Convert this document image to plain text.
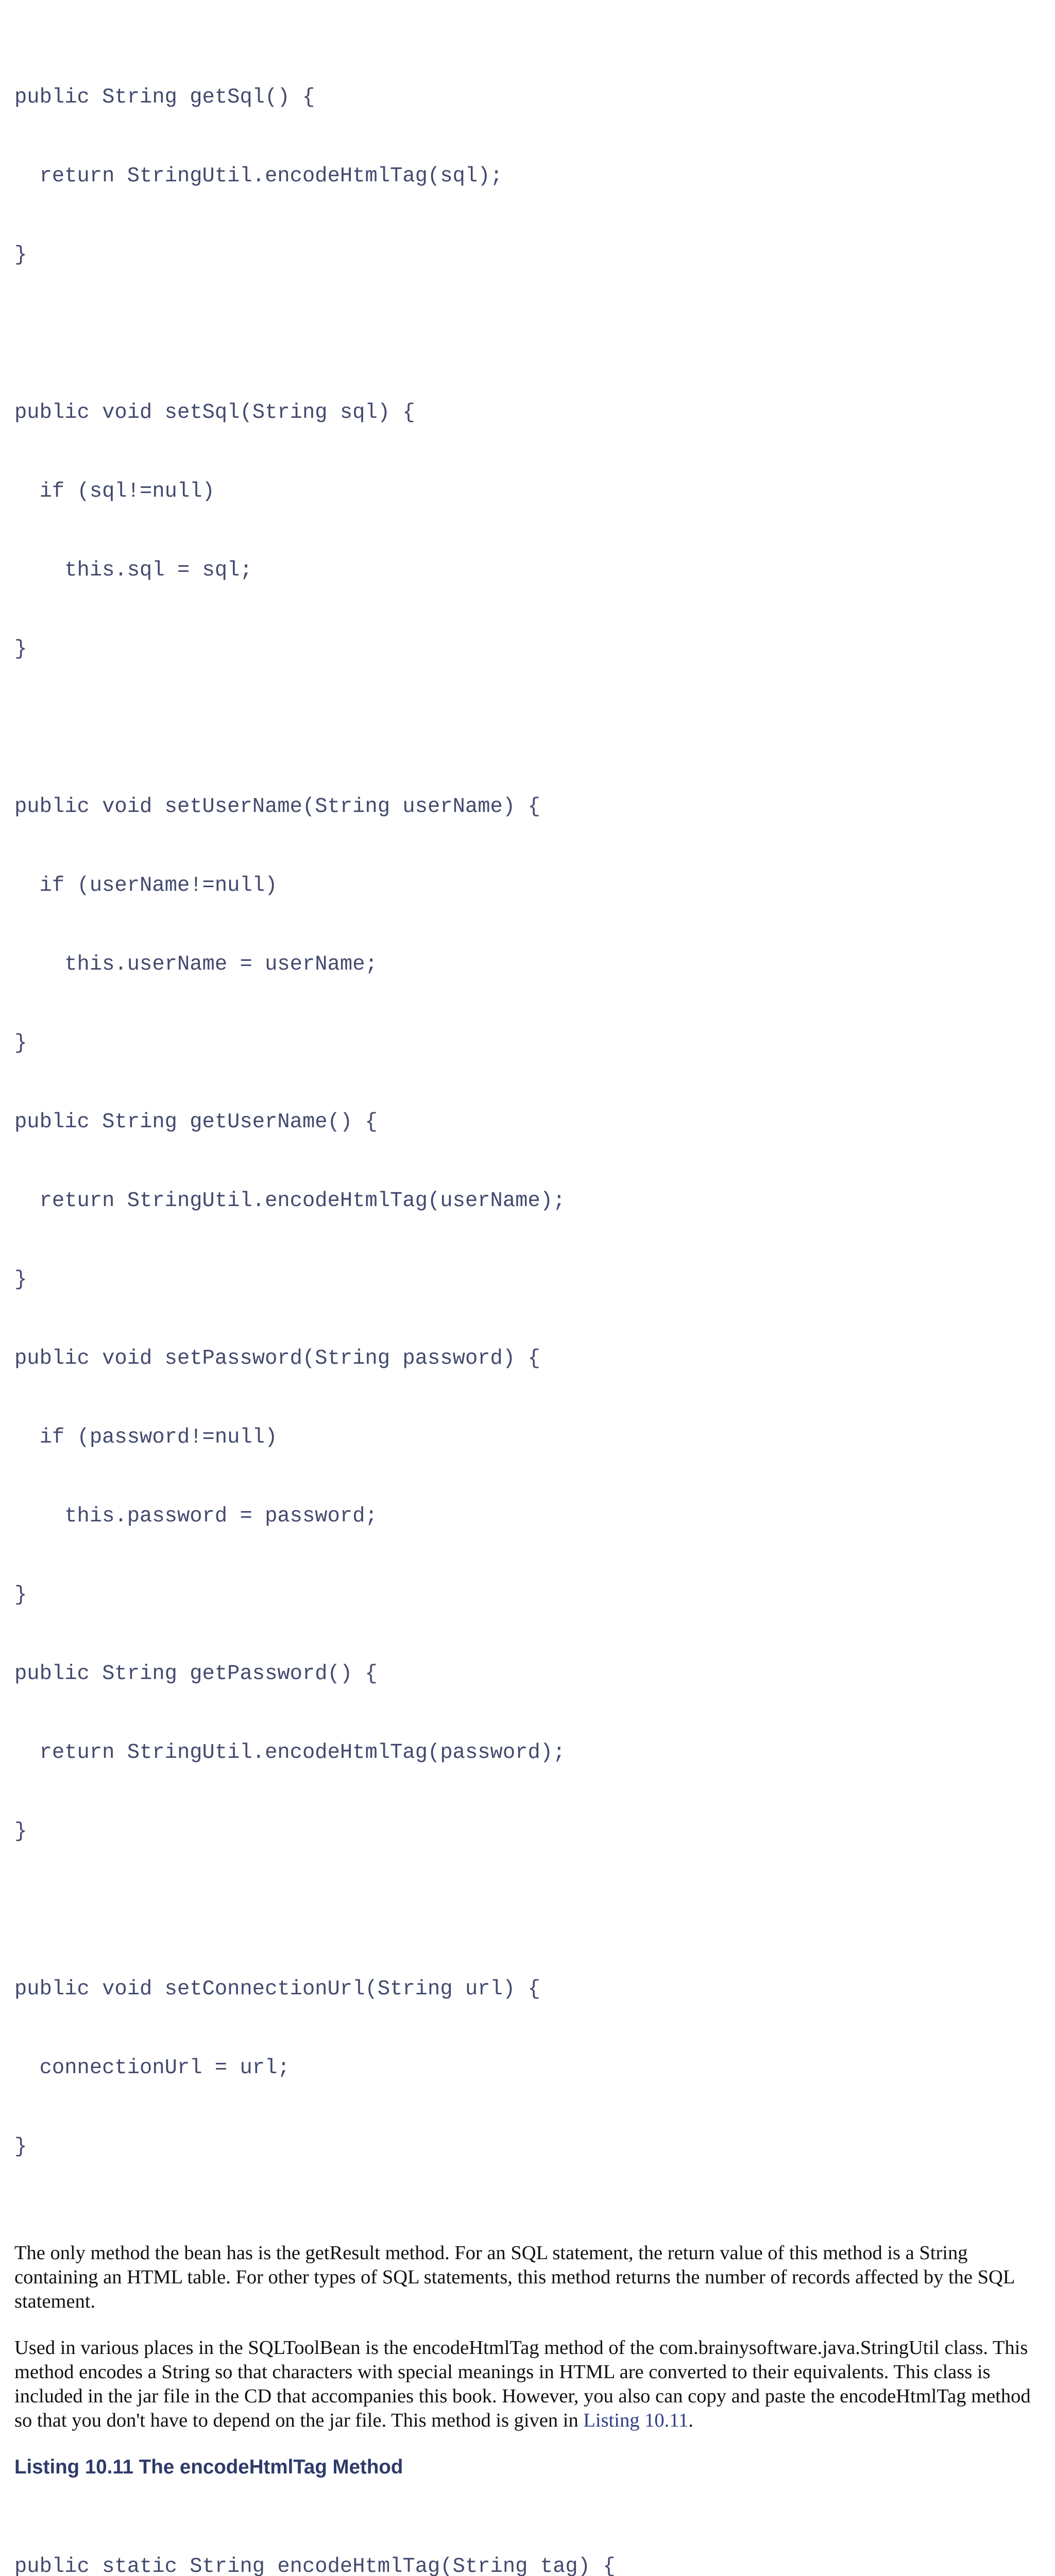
public String getSql() {

return StringUtil.encodeHtmlTag(sql);

}

public void setSql(String sql) {

if (sql!=null)

this.sql = sql;

}

public void setUserName(String userName) {

if (userName!=null)

this.userName = userName;

}

public String getUserName() {

return StringUtil.encodeHtmlTag(userName);

}

public void setPassword(String password) {

if (password!=null)

this.password = password;

}

public String getPassword() {

return StringUtil.encodeHtmlTag(password);

}

public void setConnectionUrl(String url) {

connectionUrl = url;

}

The only method the bean has is the getResult method. For an SQL statement, the return value of this method is a String containing an HTML table. For other types of SQL statements, this method returns the number of records affected by the SQL statement.

Used in various places in the SQLToolBean is the encodeHtmlTag method of the com.brainysoftware.java.StringUtil class. This method encodes a String so that characters with special meanings in HTML are converted to their equivalents. This class is included in the jar file in the CD that accompanies this book. However, you also can copy and paste the encodeHtmlTag method so that you don't have to depend on the jar file. This method is given in Listing 10.11.

Listing 10.11 The encodeHtmlTag Method

public static String encodeHtmlTag(String tag) {
